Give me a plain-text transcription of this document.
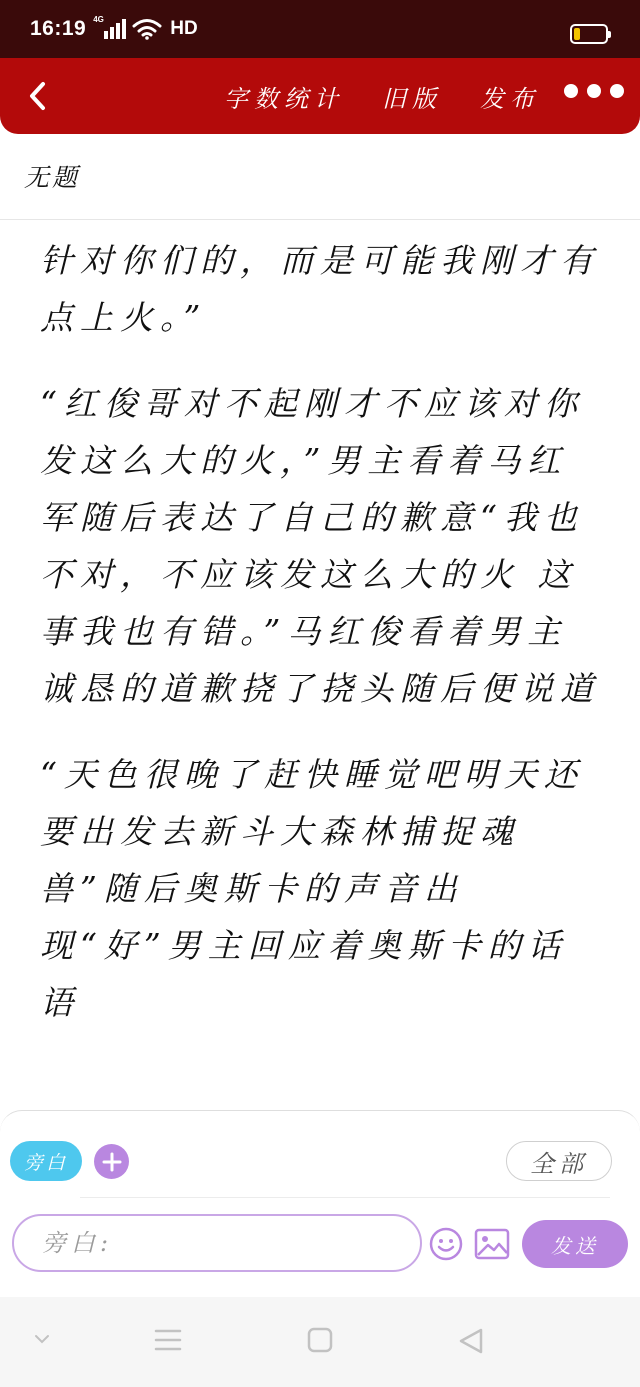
16:19 4G	HD
字数统计 旧版 发布
无题

针对你们的，而是可能我刚才有点上火。”

“红俊哥对不起刚才不应该对你发这么大的火，”男主看着马红军随后表达了自己的歉意“我也不对，不应该发这么大的火 这事我也有错。”马红俊看着男主诚恳的道歉挠了挠头随后便说道

“天色很晚了赶快睡觉吧明天还要出发去新斗大森林捕捉魂兽”随后奥斯卡的声音出现“好”男主回应着奥斯卡的话语

旁白	全部
旁白:
发送
